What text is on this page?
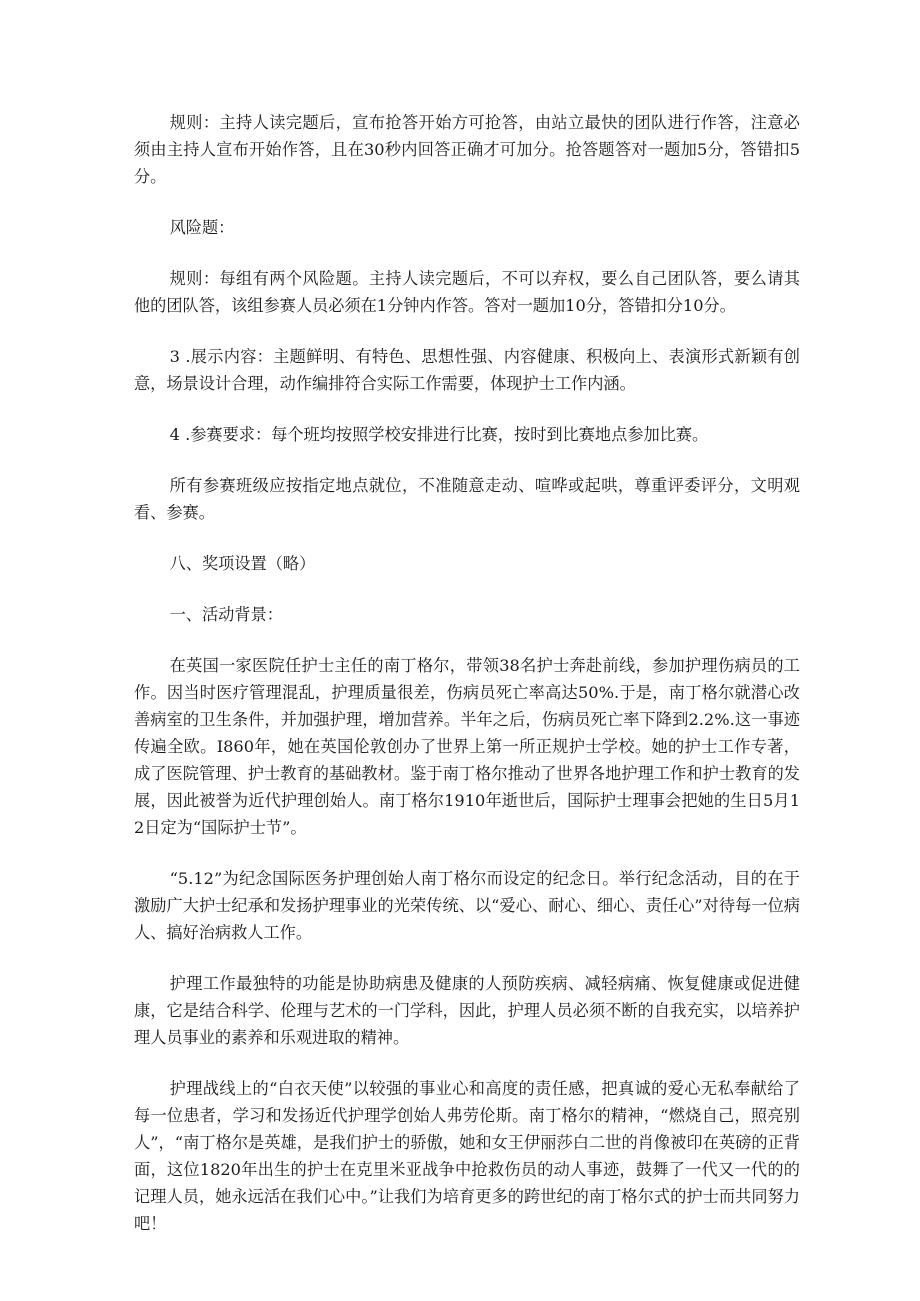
规则：主持人读完题后，宣布抢答开始方可抢答，由站立最快的团队进行作答，注意必须由主持人宣布开始作答，且在30秒内回答正确才可加分。抢答题答对一题加5分，答错扣5分。

风险题：

规则：每组有两个风险题。主持人读完题后，不可以弃权，要么自己团队答，要么请其他的团队答，该组参赛人员必须在1分钟内作答。答对一题加10分，答错扣分10分。

3 .展示内容：主题鲜明、有特色、思想性强、内容健康、积极向上、表演形式新颖有创意，场景设计合理，动作编排符合实际工作需要，体现护士工作内涵。

4 .参赛要求：每个班均按照学校安排进行比赛，按时到比赛地点参加比赛。

所有参赛班级应按指定地点就位，不准随意走动、喧哗或起哄，尊重评委评分，文明观看、参赛。

八、奖项设置（略）

一、活动背景：

在英国一家医院任护士主任的南丁格尔，带领38名护士奔赴前线，参加护理伤病员的工作。因当时医疗管理混乱，护理质量很差，伤病员死亡率高达50%.于是，南丁格尔就潜心改善病室的卫生条件，并加强护理，增加营养。半年之后，伤病员死亡率下降到2.2%.这一事迹传遍全欧。I860年，她在英国伦敦创办了世界上第一所正规护士学校。她的护士工作专著，成了医院管理、护士教育的基础教材。鉴于南丁格尔推动了世界各地护理工作和护士教育的发展，因此被誉为近代护理创始人。南丁格尔1910年逝世后，国际护士理事会把她的生日5月12日定为“国际护士节”。

“5.12”为纪念国际医务护理创始人南丁格尔而设定的纪念日。举行纪念活动，目的在于激励广大护士纪承和发扬护理事业的光荣传统、以“爱心、耐心、细心、责任心”对待每一位病人、搞好治病救人工作。

护理工作最独特的功能是协助病患及健康的人预防疾病、减轻病痛、恢复健康或促进健康，它是结合科学、伦理与艺术的一门学科，因此，护理人员必须不断的自我充实，以培养护理人员事业的素养和乐观进取的精神。

护理战线上的“白衣天使”以较强的事业心和高度的责任感，把真诚的爱心无私奉献给了每一位患者，学习和发扬近代护理学创始人弗劳伦斯。南丁格尔的精神，“燃烧自己，照亮别人”，“南丁格尔是英雄，是我们护士的骄傲，她和女王伊丽莎白二世的肖像被印在英磅的正背面，这位1820年出生的护士在克里米亚战争中抢救伤员的动人事迹，鼓舞了一代又一代的的记理人员，她永远活在我们心中。”让我们为培育更多的跨世纪的南丁格尔式的护士而共同努力吧！
